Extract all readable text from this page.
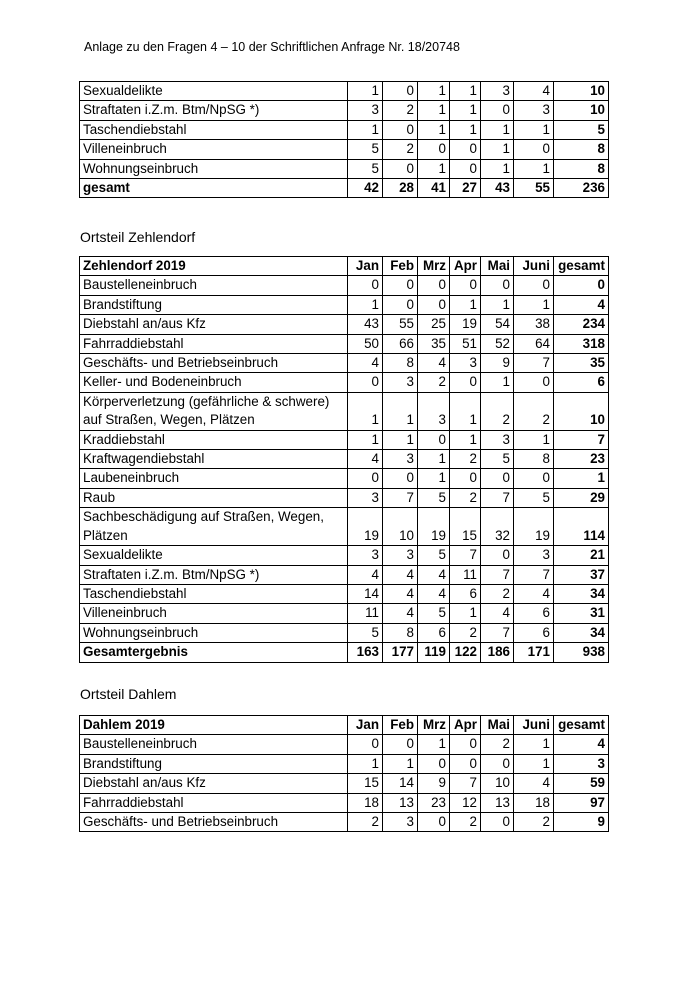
Anlage zu den Fragen 4 – 10 der Schriftlichen Anfrage Nr. 18/20748
Sexualdelikte	1	0	1	1	3	4	10
Straftaten i.Z.m. Btm/NpSG *)	3	2	1	1	0	3	10
Taschendiebstahl	1	0	1	1	1	1	5
Villeneinbruch	5	2	0	0	1	0	8
Wohnungseinbruch	5	0	1	0	1	1	8
gesamt	42	28	41	27	43	55	236
Ortsteil Zehlendorf
Zehlendorf 2019	Jan	Feb	Mrz	Apr	Mai	Juni	gesamt
Baustelleneinbruch	0	0	0	0	0	0	0
Brandstiftung	1	0	0	1	1	1	4
Diebstahl an/aus Kfz	43	55	25	19	54	38	234
Fahrraddiebstahl	50	66	35	51	52	64	318
Geschäfts- und Betriebseinbruch	4	8	4	3	9	7	35
Keller- und Bodeneinbruch	0	3	2	0	1	0	6
Körperverletzung (gefährliche & schwere) auf Straßen, Wegen, Plätzen	1	1	3	1	2	2	10
Kraddiebstahl	1	1	0	1	3	1	7
Kraftwagendiebstahl	4	3	1	2	5	8	23
Laubeneinbruch	0	0	1	0	0	0	1
Raub	3	7	5	2	7	5	29
Sachbeschädigung auf Straßen, Wegen, Plätzen	19	10	19	15	32	19	114
Sexualdelikte	3	3	5	7	0	3	21
Straftaten i.Z.m. Btm/NpSG *)	4	4	4	11	7	7	37
Taschendiebstahl	14	4	4	6	2	4	34
Villeneinbruch	11	4	5	1	4	6	31
Wohnungseinbruch	5	8	6	2	7	6	34
Gesamtergebnis	163	177	119	122	186	171	938
Ortsteil Dahlem
Dahlem 2019	Jan	Feb	Mrz	Apr	Mai	Juni	gesamt
Baustelleneinbruch	0	0	1	0	2	1	4
Brandstiftung	1	1	0	0	0	1	3
Diebstahl an/aus Kfz	15	14	9	7	10	4	59
Fahrraddiebstahl	18	13	23	12	13	18	97
Geschäfts- und Betriebseinbruch	2	3	0	2	0	2	9
